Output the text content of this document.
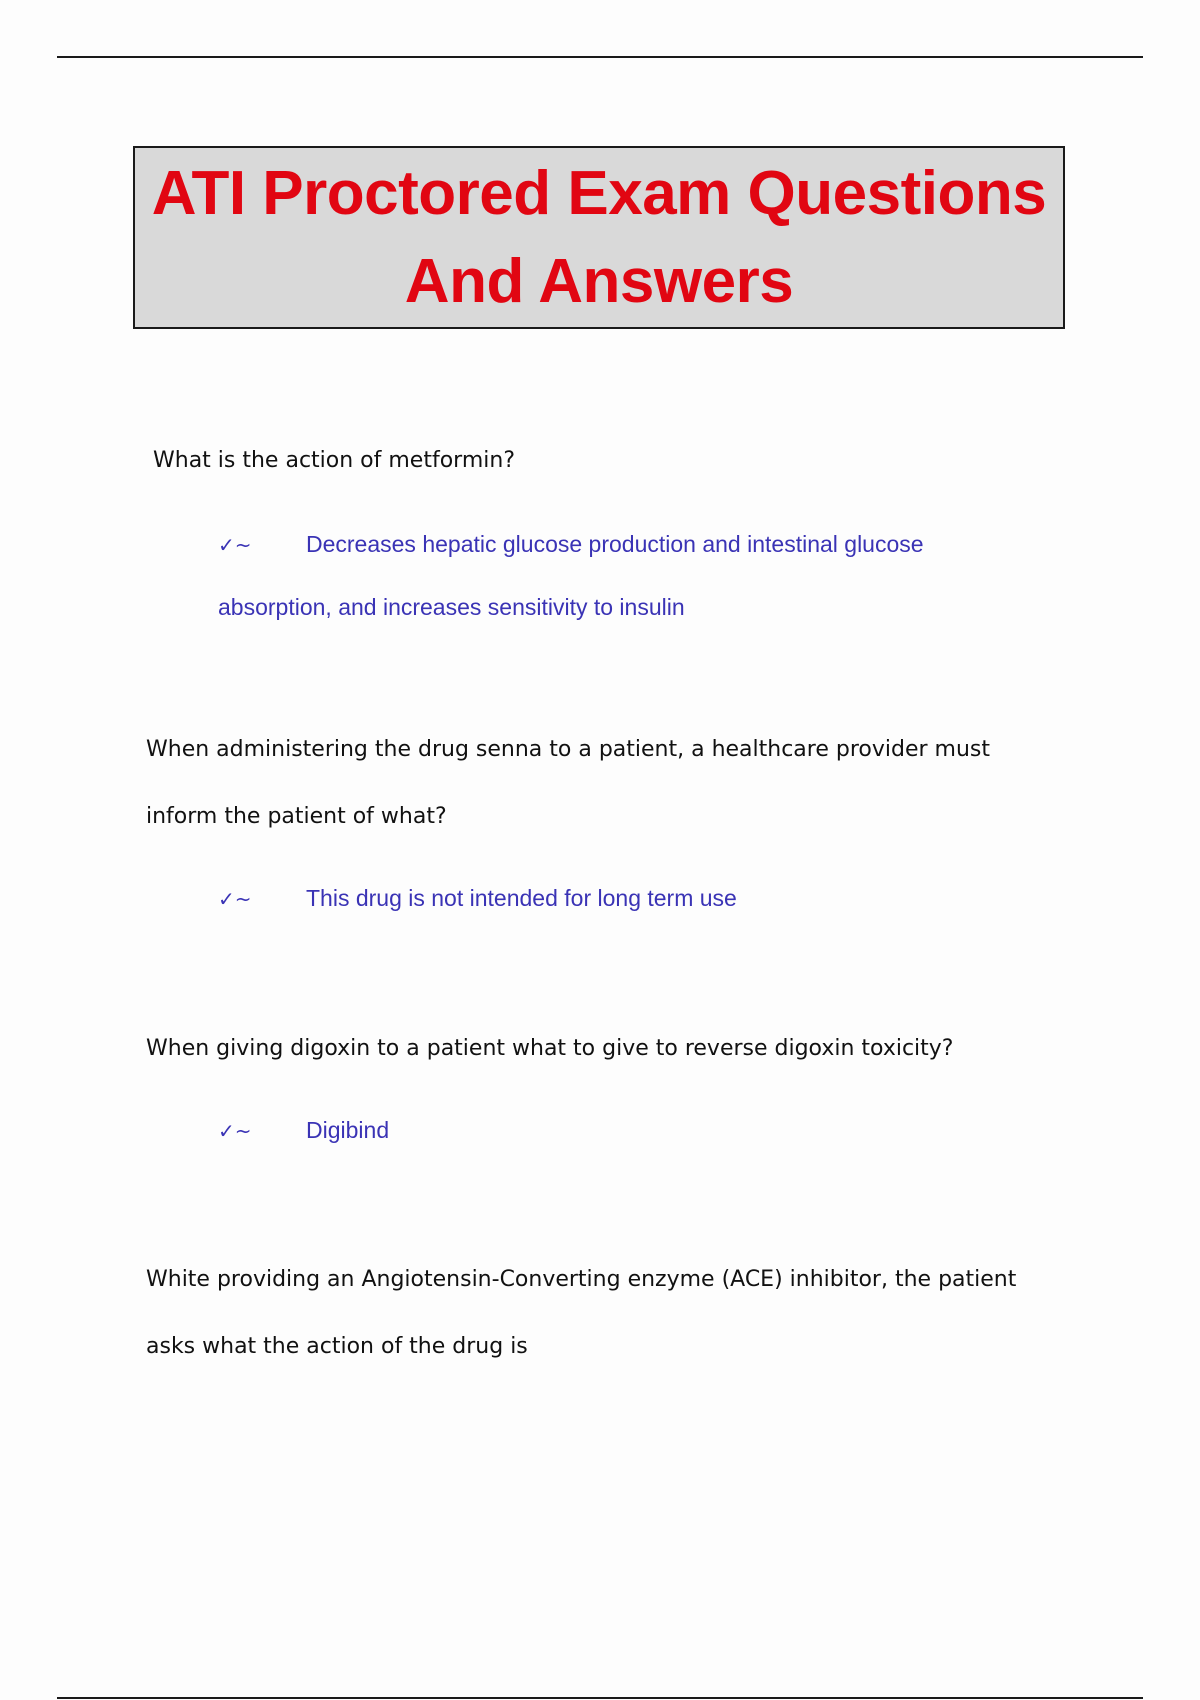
ATI Proctored Exam Questions And Answers

What is the action of metformin?

✓~ Decreases hepatic glucose production and intestinal glucose absorption, and increases sensitivity to insulin

When administering the drug senna to a patient, a healthcare provider must inform the patient of what?

✓~ This drug is not intended for long term use

When giving digoxin to a patient what to give to reverse digoxin toxicity?

✓~ Digibind

White providing an Angiotensin-Converting enzyme (ACE) inhibitor, the patient asks what the action of the drug is
